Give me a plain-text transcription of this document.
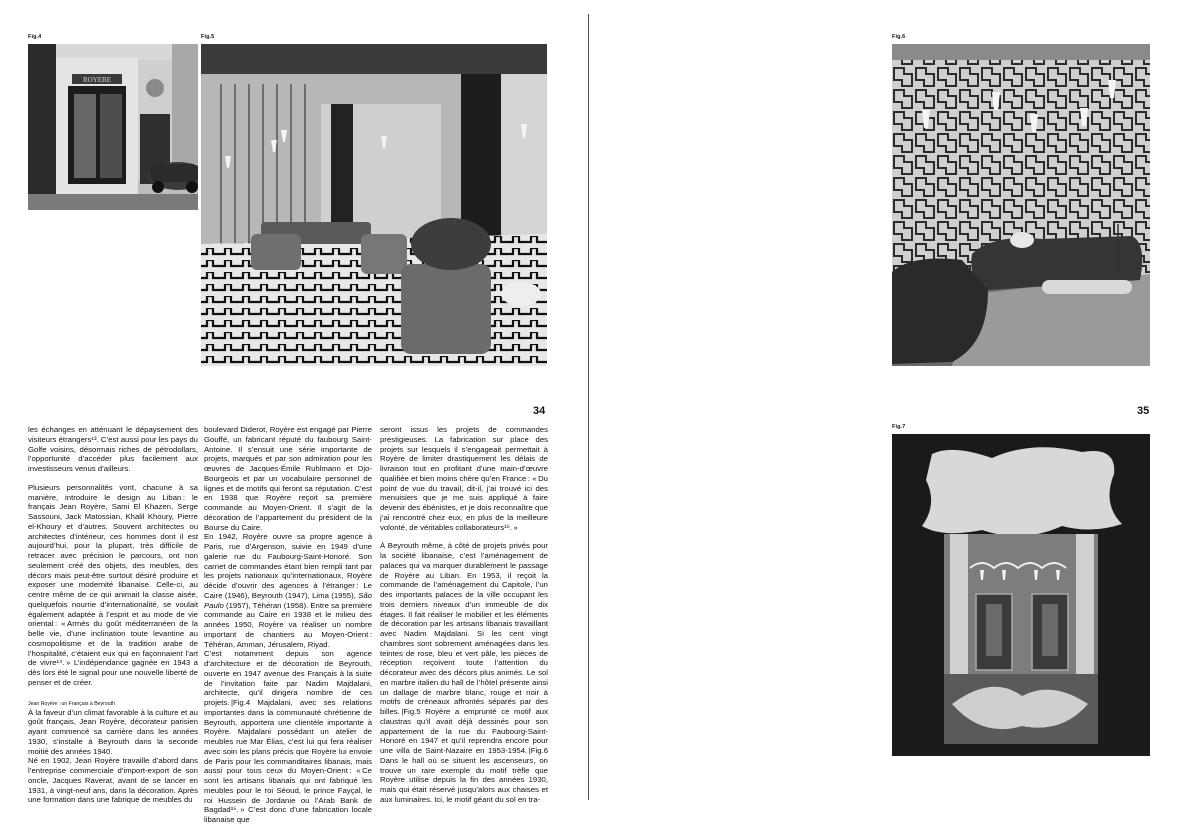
Fig.4	Fig.5
ROYERE
34

les échanges en atténuant le dépaysement des visiteurs étrangers¹³. C’est aussi pour les pays du Golfe voisins, désormais riches de pétrodollars, l’opportunité d’accéder plus facilement aux investisseurs venus d’ailleurs.

Plusieurs personnalités vont, chacune à sa manière, introduire le design au Liban : le français Jean Royère, Sami El Khazen, Serge Sassouni, Jack Matossian, Khalil Khoury, Pierre el-Khoury et d’autres. Souvent architectes ou architectes d’intérieur, ces hommes dont il est aujourd’hui, pour la plupart, très difficile de retracer avec précision le parcours, ont non seulement créé des objets, des meubles, des décors mais peut-être surtout désiré produire et exposer une modernité libanaise. Celle-ci, au centre même de ce qui animait la classe aisée, quelquefois nourrie d’internationalité, se voulait également adaptée à l’esprit et au mode de vie oriental : « Armés du goût méditerranéen de la belle vie, d’une inclination toute levantine au cosmopolitisme et de la tradition arabe de l’hospitalité, c’étaient eux qui en façonnaient l’art de vivre¹⁴. » L’indépendance gagnée en 1943 a dès lors été le signal pour une nouvelle liberté de penser et de créer.

Jean Royère : un Français à Beyrouth

À la faveur d’un climat favorable à la culture et au goût français, Jean Royère, décorateur parisien ayant commencé sa carrière dans les années 1930, s’installe à Beyrouth dans la seconde moitié des années 1940.

Né en 1902, Jean Royère travaille d’abord dans l’entreprise commerciale d’import-export de son oncle, Jacques Raverat, avant de se lancer en 1931, à vingt-neuf ans, dans la décoration. Après une formation dans une fabrique de meubles du

boulevard Diderot, Royère est engagé par Pierre Gouffé, un fabricant réputé du faubourg Saint-Antoine. Il s’ensuit une série importante de projets, marqués et par son admiration pour les œuvres de Jacques-Émile Ruhlmann et Djo-Bourgeois et par un vocabulaire personnel de lignes et de motifs qui feront sa réputation. C’est en 1938 que Royère reçoit sa première commande au Moyen-Orient. Il s’agit de la décoration de l’appartement du président de la Bourse du Caire.

En 1942, Royère ouvre sa propre agence à Paris, rue d’Argenson, suivie en 1949 d’une galerie rue du Faubourg-Saint-Honoré. Son carnet de commandes étant bien rempli tant par les projets nationaux qu’internationaux, Royère décide d’ouvrir des agences à l’étranger : Le Caire (1946), Beyrouth (1947), Lima (1955), São Paulo (1957), Téhéran (1958). Entre sa première commande au Caire en 1938 et le milieu des années 1950, Royère va réaliser un nombre important de chantiers au Moyen-Orient : Téhéran, Amman, Jérusalem, Riyad.

C’est notamment depuis son agence d’architecture et de décoration de Beyrouth, ouverte en 1947 avenue des Français à la suite de l’invitation faite par Nadim Majdalani, architecte, qu’il dirigera nombre de ces projets. |Fig.4 Majdalani, avec ses relations importantes dans la communauté chrétienne de Beyrouth, apportera une clientèle importante à Royère. Majdalani possédant un atelier de meubles rue Mar Élias, c’est lui qui fera réaliser avec soin les plans précis que Royère lui envoie de Paris pour les commanditaires libanais, mais aussi pour tous ceux du Moyen-Orient : « Ce sont les artisans libanais qui ont fabriqué les meubles pour le roi Séoud, le prince Fayçal, le roi Hussein de Jordanie ou l’Arab Bank de Bagdad¹⁵. » C’est donc d’une fabrication locale libanaise que

seront issus les projets de commandes prestigieuses. La fabrication sur place des projets sur lesquels il s’engageait permettait à Royère de limiter drastiquement les délais de livraison tout en profitant d’une main-d’œuvre qualifiée et bien moins chère qu’en France : « Du point de vue du travail, dit-il, j’ai trouvé ici des menuisiers que je me suis appliqué à faire devenir des ébénistes, et je dois reconnaître que j’ai rencontré chez eux, en plus de la meilleure volonté, de véritables collaborateurs¹⁶. »

À Beyrouth même, à côté de projets privés pour la société libanaise, c’est l’aménagement de palaces qui va marquer durablement le passage de Royère au Liban. En 1953, il reçoit la commande de l’aménagement du Capitole, l’un des importants palaces de la ville occupant les trois derniers niveaux d’un immeuble de dix étages. Il fait réaliser le mobilier et les éléments de décoration par les artisans libanais travaillant avec Nadim Majdalani. Si les cent vingt chambres sont sobrement aménagées dans les teintes de rose, bleu et vert pâle, les pièces de réception reçoivent toute l’attention du décorateur avec des décors plus animés. Le sol en marbre italien du hall de l’hôtel présente ainsi un dallage de marbre blanc, rouge et noir à motifs de créneaux affrontés séparés par des billes. |Fig.5 Royère a emprunté ce motif aux claustras qu’il avait déjà dessinés pour son appartement de la rue du Faubourg-Saint-Honoré en 1947 et qu’il reprendra encore pour une villa de Saint-Nazaire en 1953-1954. |Fig.6 Dans le hall où se situent les ascenseurs, on trouve un rare exemple du motif trèfle que Royère utilise depuis la fin des années 1930, mais qui était réservé jusqu’alors aux chaises et aux luminaires. Ici, le motif géant du sol en tra-

Fig.6
35
Fig.7
